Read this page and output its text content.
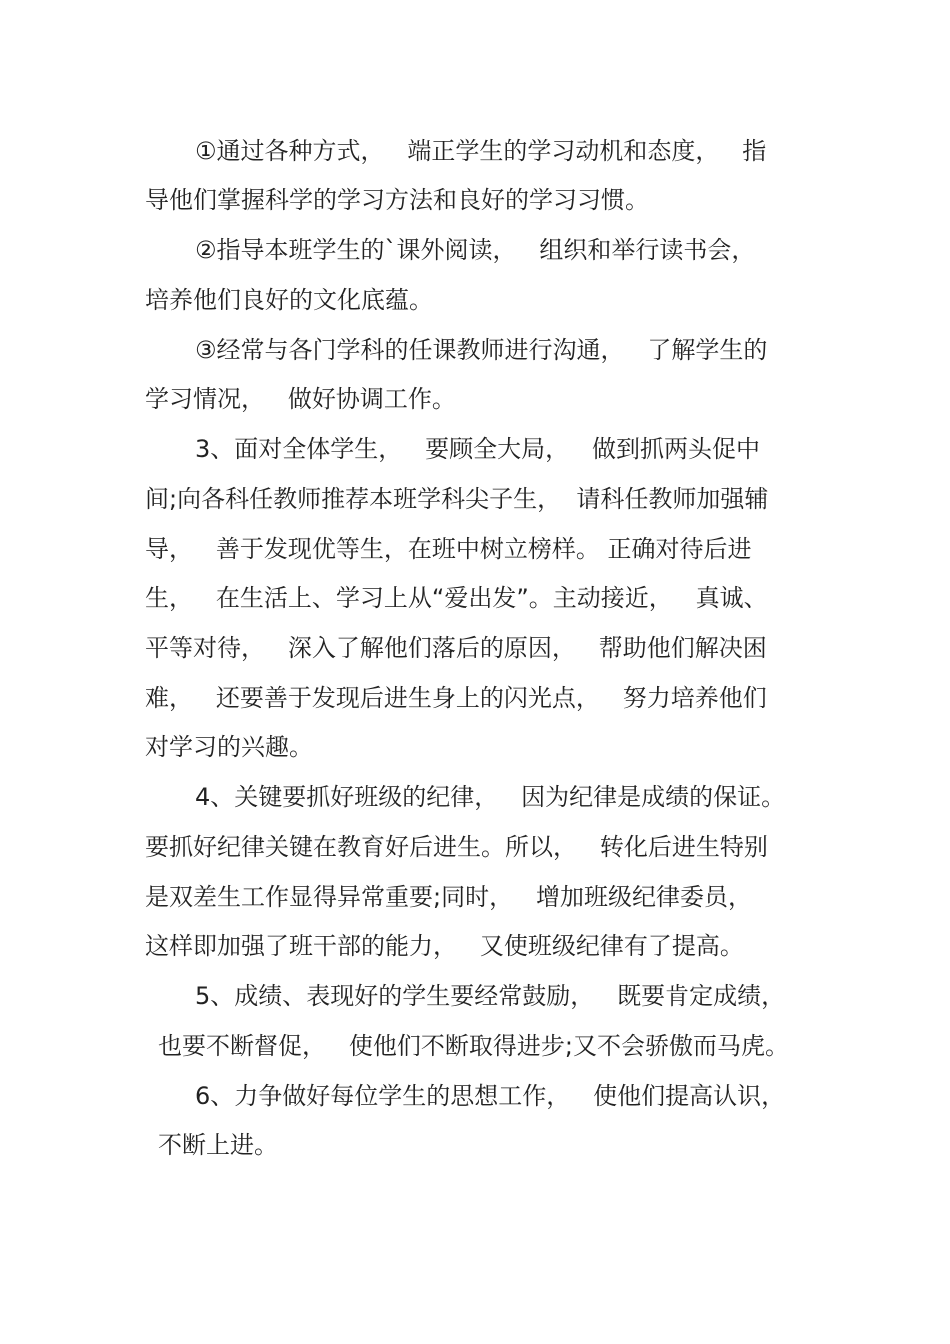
①通过各种方式，   端正学生的学习动机和态度，   指
导他们掌握科学的学习方法和良好的学习习惯。
②指导本班学生的`课外阅读，   组织和举行读书会，
培养他们良好的文化底蕴。
③经常与各门学科的任课教师进行沟通，   了解学生的
学习情况，   做好协调工作。
3、面对全体学生，   要顾全大局，   做到抓两头促中
间;向各科任教师推荐本班学科尖子生，  请科任教师加强辅
导，   善于发现优等生，在班中树立榜样。 正确对待后进
生，   在生活上、学习上从“爱出发”。主动接近，   真诚、
平等对待，   深入了解他们落后的原因，   帮助他们解决困
难，   还要善于发现后进生身上的闪光点，   努力培养他们
对学习的兴趣。
4、关键要抓好班级的纪律，   因为纪律是成绩的保证。
要抓好纪律关键在教育好后进生。所以，   转化后进生特别
是双差生工作显得异常重要;同时，   增加班级纪律委员，
这样即加强了班干部的能力，   又使班级纪律有了提高。
5、成绩、表现好的学生要经常鼓励，   既要肯定成绩，
也要不断督促，   使他们不断取得进步;又不会骄傲而马虎。
6、力争做好每位学生的思想工作，   使他们提高认识，
不断上进。
